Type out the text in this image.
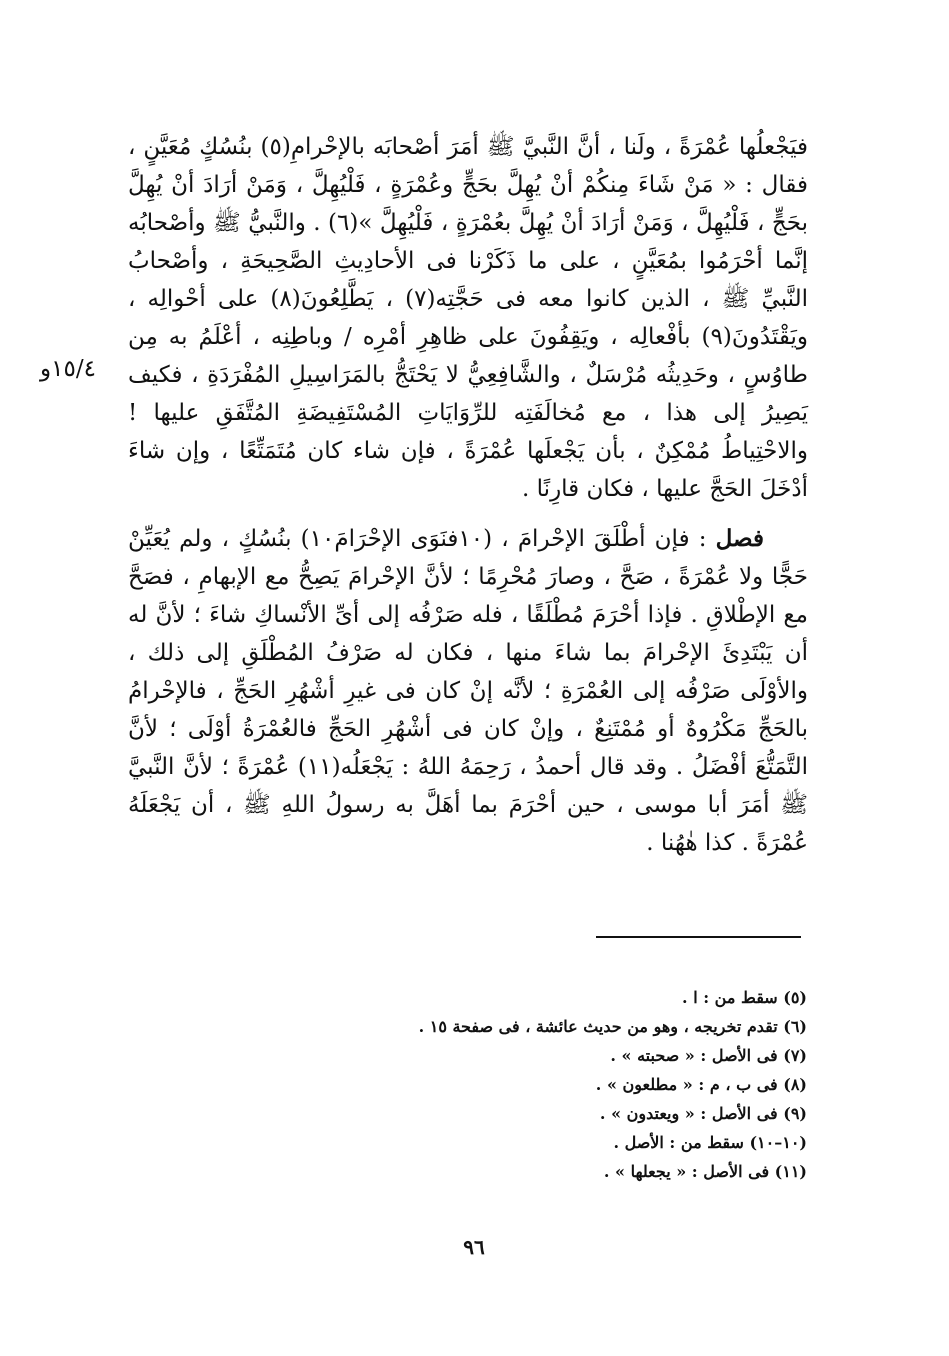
١٥/٤و

فيَجْعلُها عُمْرَةً ، ولَنا ، أنَّ النَّبيَّ ﷺ أمَرَ أصْحابَه بالإحْرامِ(٥) بنُسُكٍ مُعَيَّنٍ ، فقال : « مَنْ شَاءَ مِنكُمْ أنْ يُهِلَّ بحَجٍّ وعُمْرَةٍ ، فَلْيُهِلَّ ، وَمَنْ أرَادَ أنْ يُهِلَّ بحَجٍّ ، فَلْيُهِلَّ ، وَمَنْ أرَادَ أنْ يُهِلَّ بعُمْرَةٍ ، فَلْيُهِلَّ »(٦) . والنَّبيُّ ﷺ وأصْحابُه إنَّما أحْرَمُوا بمُعَيَّنٍ ، على ما ذَكَرْنا فى الأحادِيثِ الصَّحِيحَةِ ، وأصْحابُ النَّبيِّ ﷺ ، الذين كانوا معه فى حَجَّتِه(٧) ، يَطَّلِعُونَ(٨) على أحْوالِه ، ويَقْتَدُونَ(٩) بأفْعالِه ، ويَقِفُونَ على ظاهِرِ أمْرِه / وباطِنِه ، أعْلَمُ به مِن طاوُسٍ ، وحَدِيثُه مُرْسَلٌ ، والشَّافِعِيُّ لا يَحْتَجُّ بالمَرَاسِيلِ المُفْرَدَةِ ، فكيف يَصِيرُ إلى هذا ، مع مُخالَفَتِه للرِّوَايَاتِ المُسْتَفِيضَةِ المُتَّفَقِ عليها ! والاحْتِياطُ مُمْكِنٌ ، بأن يَجْعلَها عُمْرَةً ، فإن شاء كان مُتَمَتِّعًا ، وإن شاءَ أدْخَلَ الحَجَّ عليها ، فكان قارِنًا .

فصل : فإن أطْلَقَ الإحْرامَ ، (١٠فنَوَى الإحْرَامَ١٠) بنُسُكٍ ، ولم يُعَيِّنْ حَجًّا ولا عُمْرَةً ، صَحَّ ، وصارَ مُحْرِمًا ؛ لأنَّ الإحْرامَ يَصِحُّ مع الإبهامِ ، فصَحَّ مع الإطْلاقِ . فإذا أحْرَمَ مُطْلَقًا ، فله صَرْفُه إلى أىِّ الأنْساكِ شاءَ ؛ لأنَّ له أن يَبْتَدِئَ الإحْرامَ بما شاءَ منها ، فكان له صَرْفُ المُطْلَقِ إلى ذلك ، والأوْلَى صَرْفُه إلى العُمْرَةِ ؛ لأنَّه إنْ كان فى غيرِ أشْهُرِ الحَجِّ ، فالإحْرامُ بالحَجِّ مَكْرُوهٌ أو مُمْتَنِعٌ ، وإنْ كان فى أشْهُرِ الحَجِّ فالعُمْرَةُ أوْلَى ؛ لأنَّ التَّمَتُّعَ أفْضَلُ . وقد قال أحمدُ ، رَحِمَهُ اللهُ : يَجْعَلُه(١١) عُمْرَةً ؛ لأنَّ النَّبيَّ ﷺ أمَرَ أبا موسى ، حين أحْرَمَ بما أهَلَّ به رسولُ اللهِ ﷺ ، أن يَجْعَلَهُ عُمْرَةً . كذا هٰهُنا .

(٥) سقط من : ا .

(٦) تقدم تخريجه ، وهو من حديث عائشة ، فى صفحة ١٥ .

(٧) فى الأصل : « صحبته » .

(٨) فى ب ، م : « مطلعون » .

(٩) فى الأصل : « ويعتدون » .

(١٠–١٠) سقط من : الأصل .

(١١) فى الأصل : « يجعلها » .

٩٦
